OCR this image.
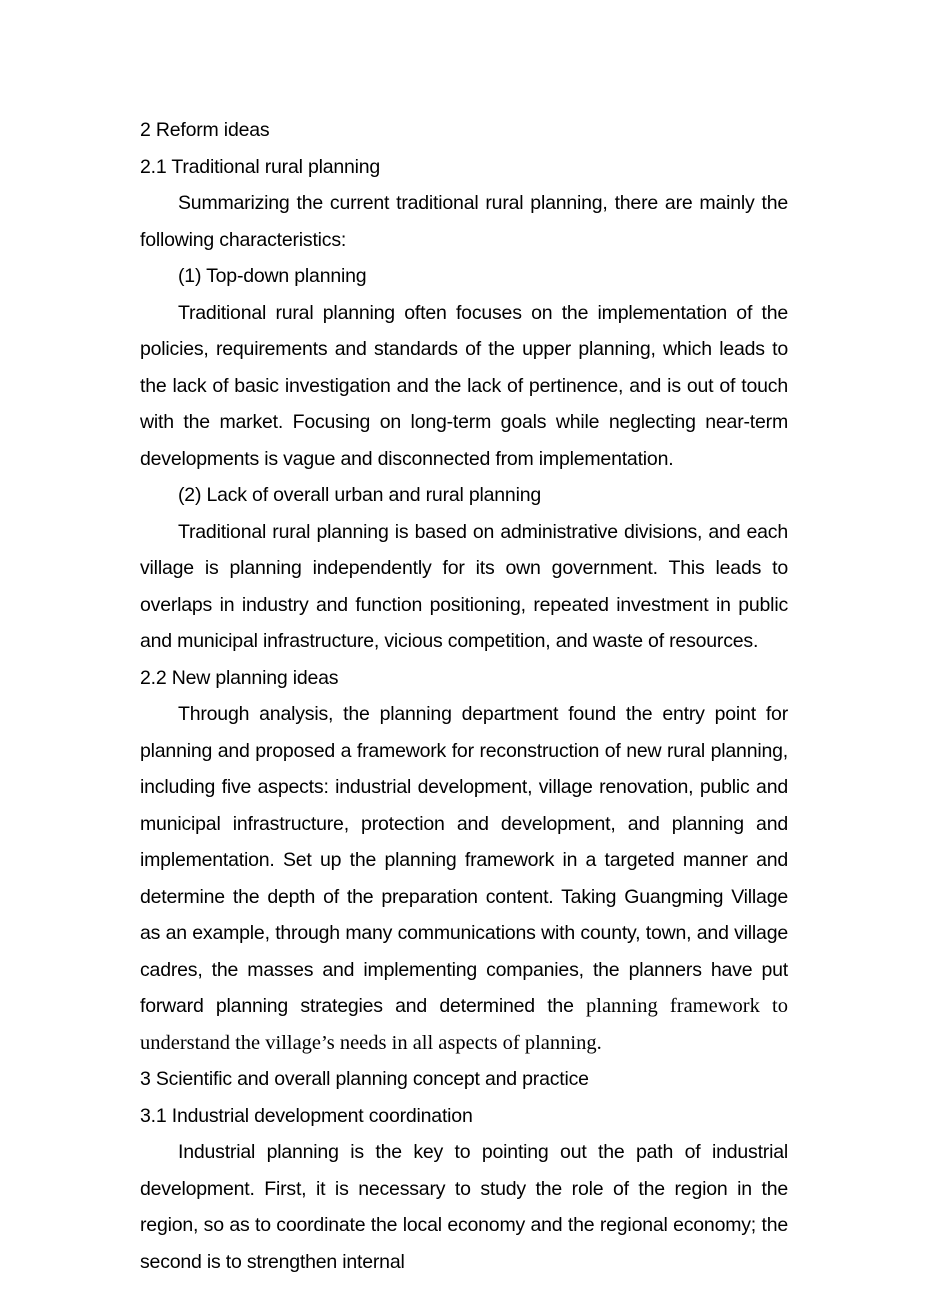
2 Reform ideas

2.1 Traditional rural planning

Summarizing the current traditional rural planning, there are mainly the following characteristics:

(1) Top-down planning

Traditional rural planning often focuses on the implementation of the policies, requirements and standards of the upper planning, which leads to the lack of basic investigation and the lack of pertinence, and is out of touch with the market. Focusing on long-term goals while neglecting near-term developments is vague and disconnected from implementation.

(2) Lack of overall urban and rural planning

Traditional rural planning is based on administrative divisions, and each village is planning independently for its own government. This leads to overlaps in industry and function positioning, repeated investment in public and municipal infrastructure, vicious competition, and waste of resources.

2.2 New planning ideas

Through analysis, the planning department found the entry point for planning and proposed a framework for reconstruction of new rural planning, including five aspects: industrial development, village renovation, public and municipal infrastructure, protection and development, and planning and implementation. Set up the planning framework in a targeted manner and determine the depth of the preparation content. Taking Guangming Village as an example, through many communications with county, town, and village cadres, the masses and implementing companies, the planners have put forward planning strategies and determined the planning framework to understand the village’s needs in all aspects of planning.

3 Scientific and overall planning concept and practice

3.1 Industrial development coordination

Industrial planning is the key to pointing out the path of industrial development. First, it is necessary to study the role of the region in the region, so as to coordinate the local economy and the regional economy; the second is to strengthen internal
